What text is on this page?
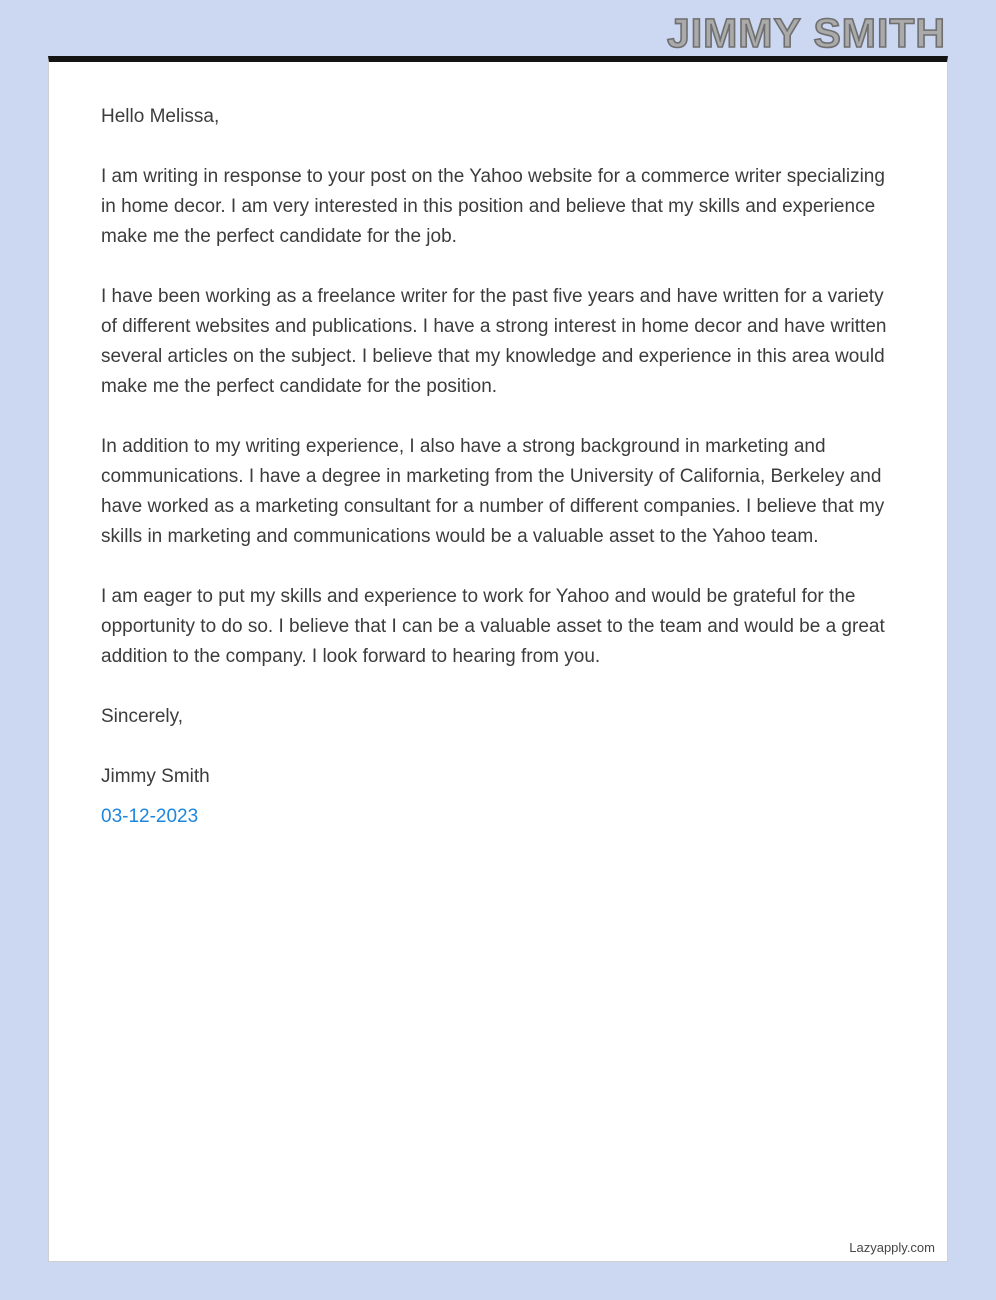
JIMMY SMITH

Hello Melissa,

I am writing in response to your post on the Yahoo website for a commerce writer specializing in home decor. I am very interested in this position and believe that my skills and experience make me the perfect candidate for the job.

I have been working as a freelance writer for the past five years and have written for a variety of different websites and publications. I have a strong interest in home decor and have written several articles on the subject. I believe that my knowledge and experience in this area would make me the perfect candidate for the position.

In addition to my writing experience, I also have a strong background in marketing and communications. I have a degree in marketing from the University of California, Berkeley and have worked as a marketing consultant for a number of different companies. I believe that my skills in marketing and communications would be a valuable asset to the Yahoo team.

I am eager to put my skills and experience to work for Yahoo and would be grateful for the opportunity to do so. I believe that I can be a valuable asset to the team and would be a great addition to the company. I look forward to hearing from you.

Sincerely,

Jimmy Smith

03-12-2023

Lazyapply.com
